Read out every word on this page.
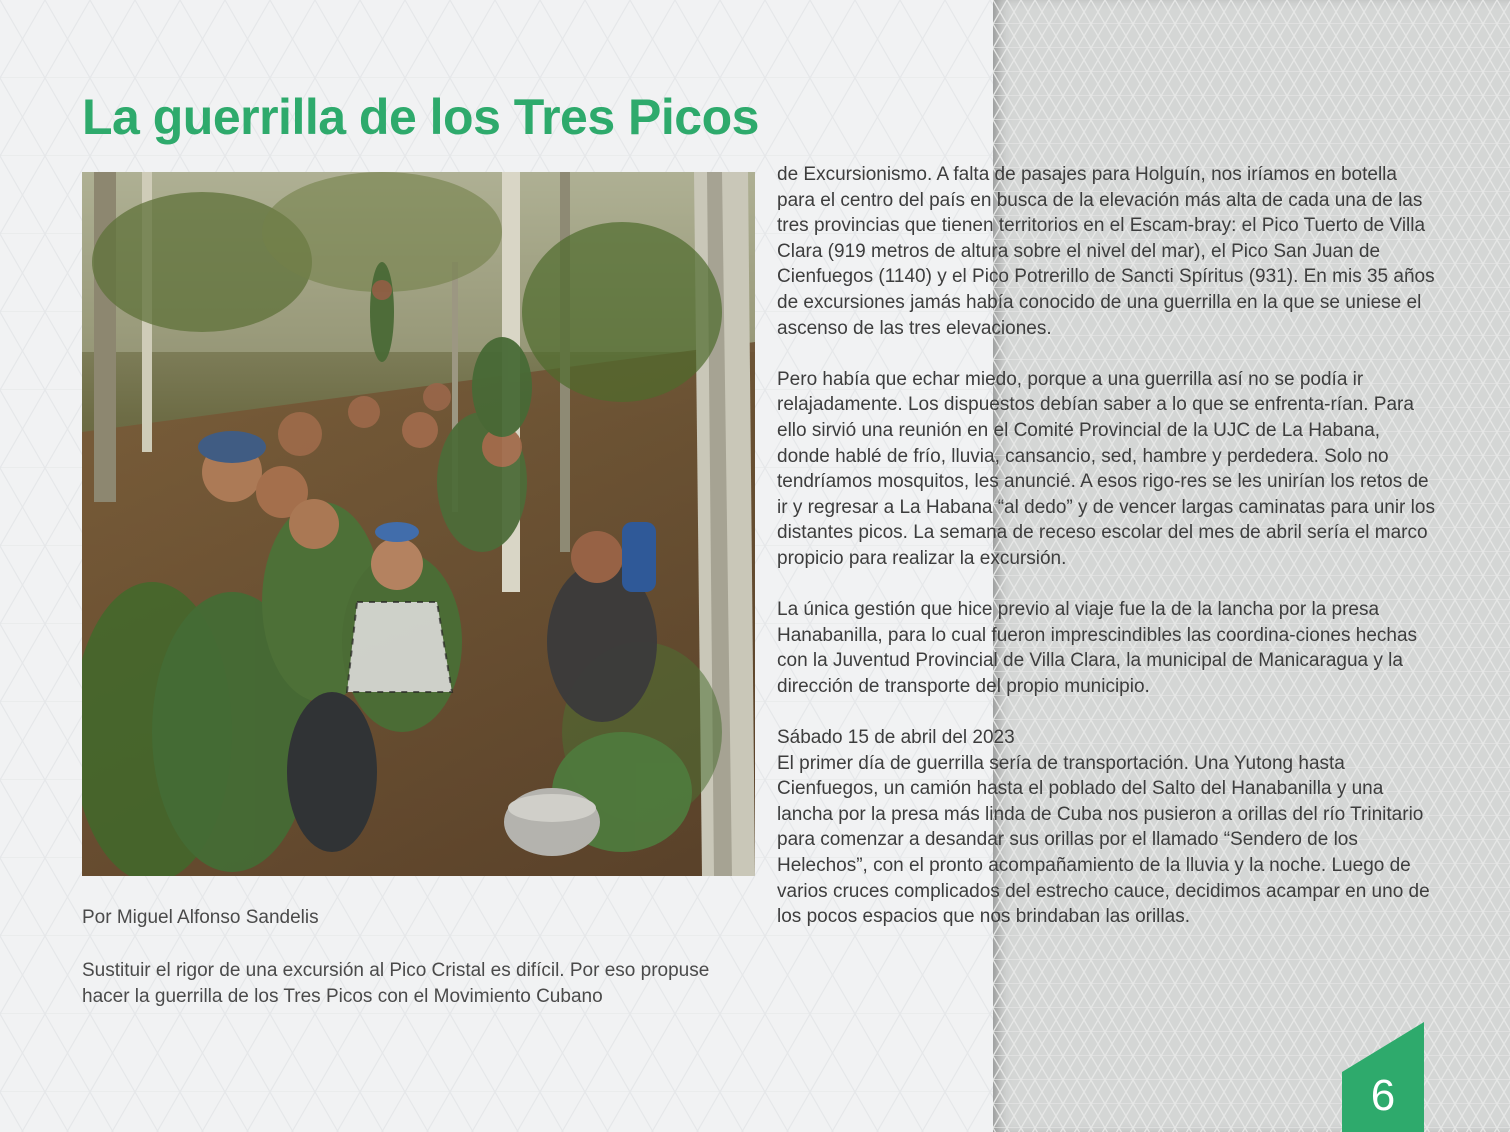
La guerrilla de los Tres Picos

Por Miguel Alfonso Sandelis

Sustituir el rigor de una excursión al Pico Cristal es difícil. Por eso propuse hacer la guerrilla de los Tres Picos con el Movimiento Cubano

de Excursionismo. A falta de pasajes para Holguín, nos iríamos en botella para el centro del país en busca de la elevación más alta de cada una de las tres provincias que tienen territorios en el Escam-bray: el Pico Tuerto de Villa Clara (919 metros de altura sobre el nivel del mar), el Pico San Juan de Cienfuegos (1140) y el Pico Potrerillo de Sancti Spíritus (931). En mis 35 años de excursiones jamás había conocido de una guerrilla en la que se uniese el ascenso de las tres elevaciones.

Pero había que echar miedo, porque a una guerrilla así no se podía ir relajadamente. Los dispuestos debían saber a lo que se enfrenta-rían. Para ello sirvió una reunión en el Comité Provincial de la UJC de La Habana, donde hablé de frío, lluvia, cansancio, sed, hambre y perdedera. Solo no tendríamos mosquitos, les anuncié. A esos rigo-res se les unirían los retos de ir y regresar a La Habana “al dedo” y de vencer largas caminatas para unir los distantes picos. La semana de receso escolar del mes de abril sería el marco propicio para realizar la excursión.

La única gestión que hice previo al viaje fue la de la lancha por la presa Hanabanilla, para lo cual fueron imprescindibles las coordina-ciones hechas con la Juventud Provincial de Villa Clara, la municipal de Manicaragua y la dirección de transporte del propio municipio.

Sábado 15 de abril del 2023

El primer día de guerrilla sería de transportación. Una Yutong hasta Cienfuegos, un camión hasta el poblado del Salto del Hanabanilla y una lancha por la presa más linda de Cuba nos pusieron a orillas del río Trinitario para comenzar a desandar sus orillas por el llamado “Sendero de los Helechos”, con el pronto acompañamiento de la lluvia y la noche. Luego de varios cruces complicados del estrecho cauce, decidimos acampar en uno de los pocos espacios que nos brindaban las orillas.

6
